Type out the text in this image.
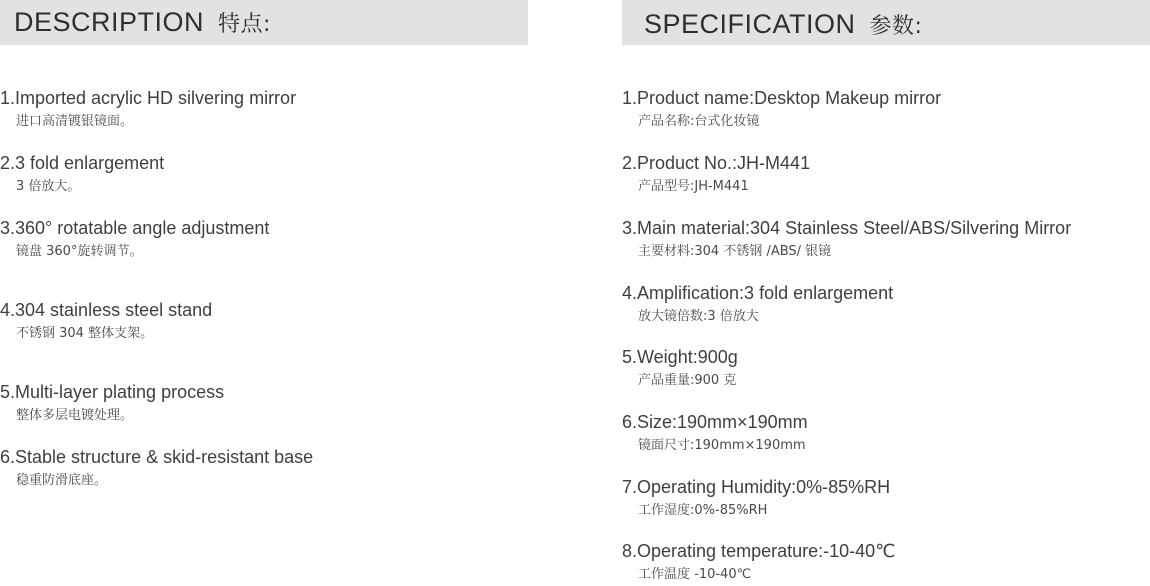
DESCRIPTION 特点:
1.Imported acrylic HD silvering mirror
进口高清镀银镜面。
2.3 fold enlargement
3 倍放大。
3.360° rotatable angle adjustment
镜盘 360°旋转调节。
4.304 stainless steel stand
不锈钢 304 整体支架。
5.Multi-layer plating process
整体多层电镀处理。
6.Stable structure & skid-resistant base
稳重防滑底座。
SPECIFICATION 参数:
1.Product name:Desktop Makeup mirror
产品名称:台式化妆镜
2.Product No.:JH-M441
产品型号:JH-M441
3.Main material:304 Stainless Steel/ABS/Silvering Mirror
主要材料:304 不锈钢 /ABS/ 银镜
4.Amplification:3 fold enlargement
放大镜倍数:3 倍放大
5.Weight:900g
产品重量:900 克
6.Size:190mm×190mm
镜面尺寸:190mm×190mm
7.Operating Humidity:0%-85%RH
工作湿度:0%-85%RH
8.Operating temperature:-10-40℃
工作温度 -10-40℃
